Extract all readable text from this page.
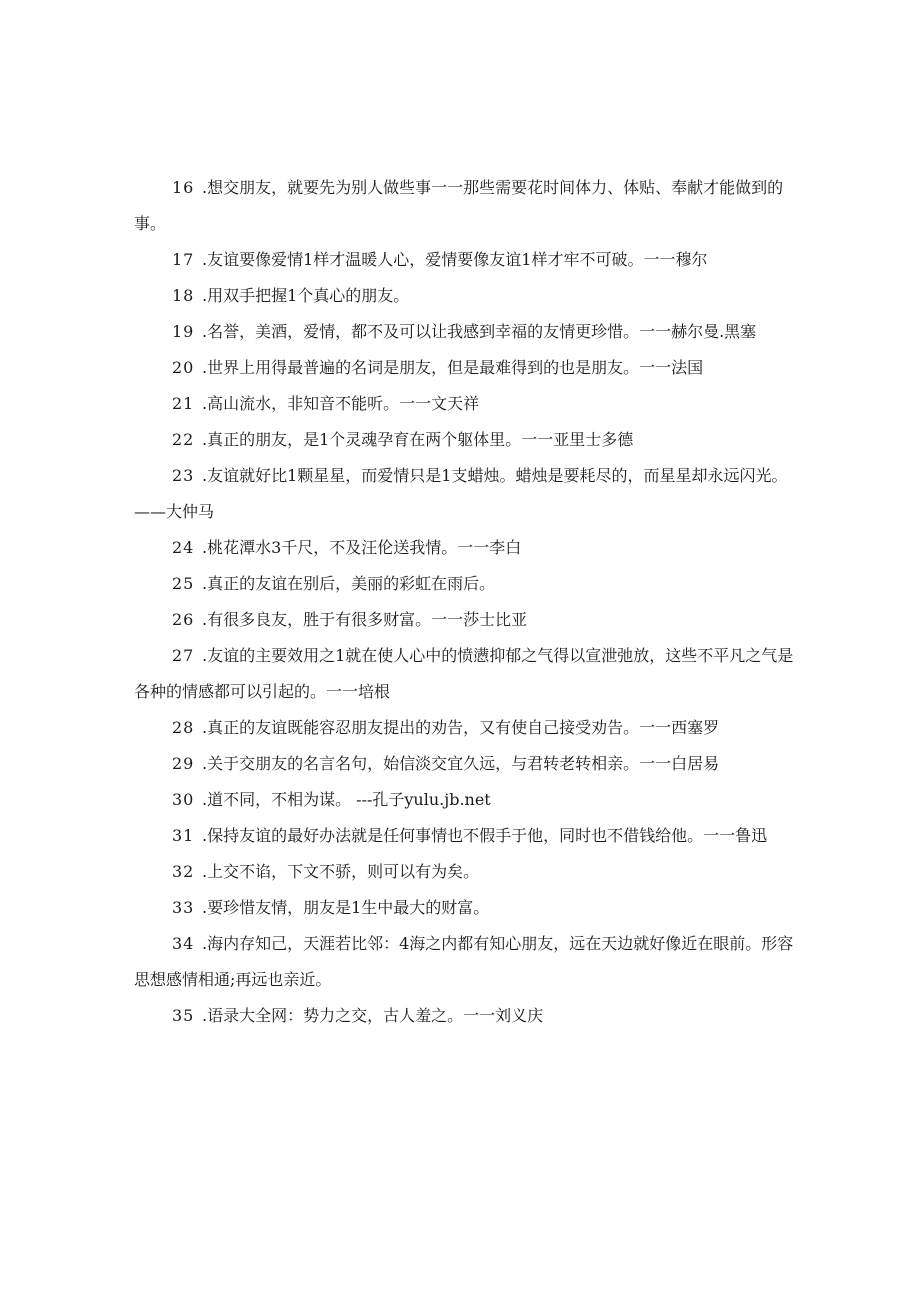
16 .想交朋友，就要先为别人做些事一一那些需要花时间体力、体贴、奉献才能做到的事。

17 .友谊要像爱情1样才温暖人心，爱情要像友谊1样才牢不可破。一一穆尔

18 .用双手把握1个真心的朋友。

19 .名誉，美酒，爱情，都不及可以让我感到幸福的友情更珍惜。一一赫尔曼.黑塞

20 .世界上用得最普遍的名词是朋友，但是最难得到的也是朋友。一一法国

21 .高山流水，非知音不能听。一一文天祥

22 .真正的朋友，是1个灵魂孕育在两个躯体里。一一亚里士多德

23 .友谊就好比1颗星星，而爱情只是1支蜡烛。蜡烛是要耗尽的，而星星却永远闪光。——大仲马

24 .桃花潭水3千尺，不及汪伦送我情。一一李白

25 .真正的友谊在别后，美丽的彩虹在雨后。

26 .有很多良友，胜于有很多财富。一一莎士比亚

27 .友谊的主要效用之1就在使人心中的愤懑抑郁之气得以宣泄弛放，这些不平凡之气是各种的情感都可以引起的。一一培根

28 .真正的友谊既能容忍朋友提出的劝告，又有使自己接受劝告。一一西塞罗

29 .关于交朋友的名言名句，始信淡交宜久远，与君转老转相亲。一一白居易

30 .道不同，不相为谋。 ---孔子yulu.jb.net

31 .保持友谊的最好办法就是任何事情也不假手于他，同时也不借钱给他。一一鲁迅

32 .上交不谄，下文不骄，则可以有为矣。

33 .要珍惜友情，朋友是1生中最大的财富。

34 .海内存知己，天涯若比邻：4海之内都有知心朋友，远在天边就好像近在眼前。形容思想感情相通;再远也亲近。

35 .语录大全网：势力之交，古人羞之。一一刘义庆
